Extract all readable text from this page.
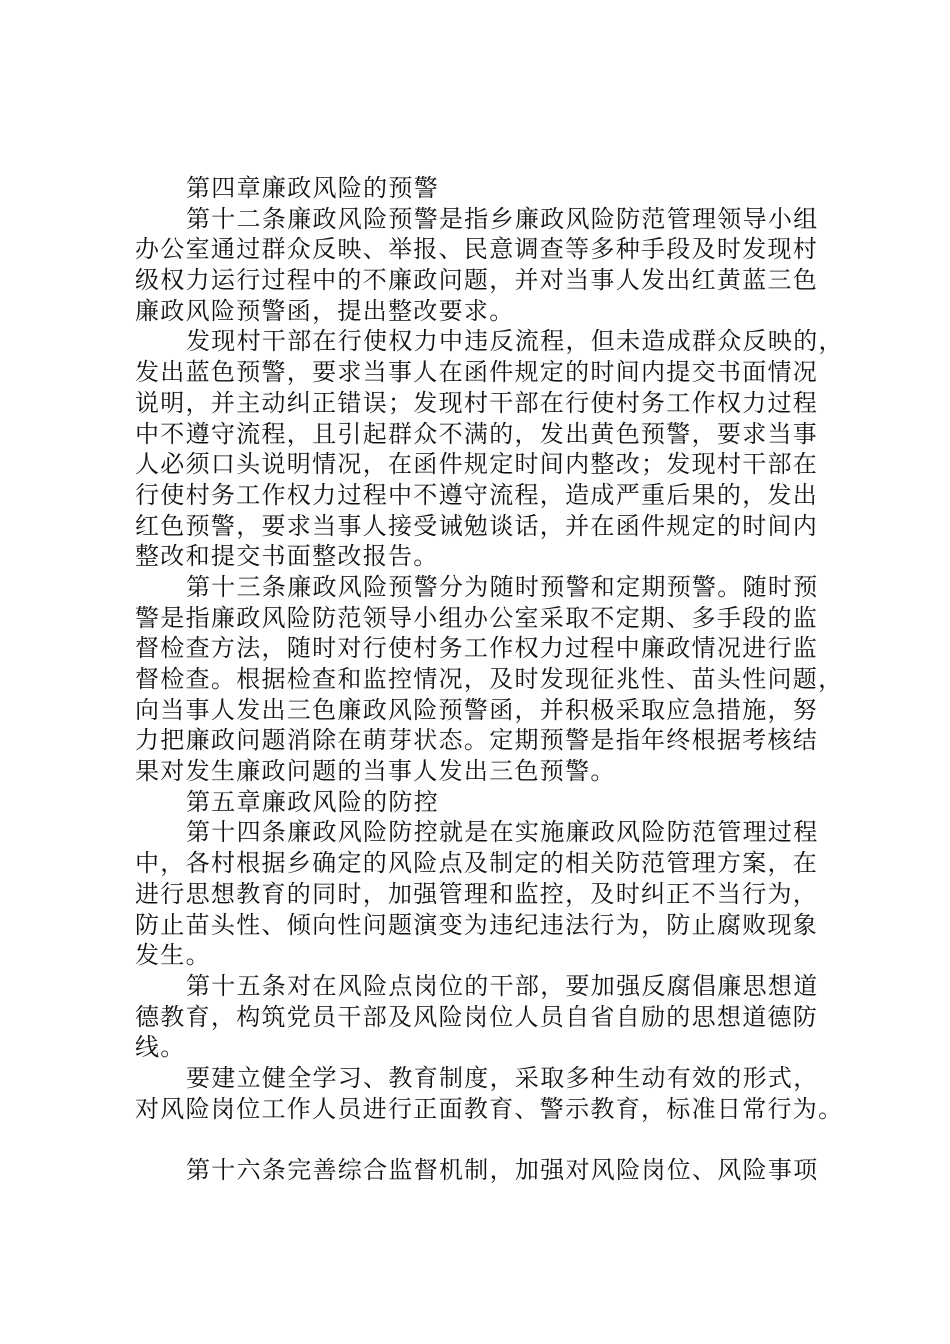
第四章廉政风险的预警
第十二条廉政风险预警是指乡廉政风险防范管理领导小组
办公室通过群众反映、举报、民意调查等多种手段及时发现村
级权力运行过程中的不廉政问题，并对当事人发出红黄蓝三色
廉政风险预警函，提出整改要求。
发现村干部在行使权力中违反流程，但未造成群众反映的，
发出蓝色预警，要求当事人在函件规定的时间内提交书面情况
说明，并主动纠正错误；发现村干部在行使村务工作权力过程
中不遵守流程，且引起群众不满的，发出黄色预警，要求当事
人必须口头说明情况，在函件规定时间内整改；发现村干部在
行使村务工作权力过程中不遵守流程，造成严重后果的，发出
红色预警，要求当事人接受诫勉谈话，并在函件规定的时间内
整改和提交书面整改报告。
第十三条廉政风险预警分为随时预警和定期预警。随时预
警是指廉政风险防范领导小组办公室采取不定期、多手段的监
督检查方法，随时对行使村务工作权力过程中廉政情况进行监
督检查。根据检查和监控情况，及时发现征兆性、苗头性问题，
向当事人发出三色廉政风险预警函，并积极采取应急措施，努
力把廉政问题消除在萌芽状态。定期预警是指年终根据考核结
果对发生廉政问题的当事人发出三色预警。
第五章廉政风险的防控
第十四条廉政风险防控就是在实施廉政风险防范管理过程
中，各村根据乡确定的风险点及制定的相关防范管理方案，在
进行思想教育的同时，加强管理和监控，及时纠正不当行为，
防止苗头性、倾向性问题演变为违纪违法行为，防止腐败现象
发生。
第十五条对在风险点岗位的干部，要加强反腐倡廉思想道
德教育，构筑党员干部及风险岗位人员自省自励的思想道德防
线。
要建立健全学习、教育制度，采取多种生动有效的形式，
对风险岗位工作人员进行正面教育、警示教育，标准日常行为。
第十六条完善综合监督机制，加强对风险岗位、风险事项
